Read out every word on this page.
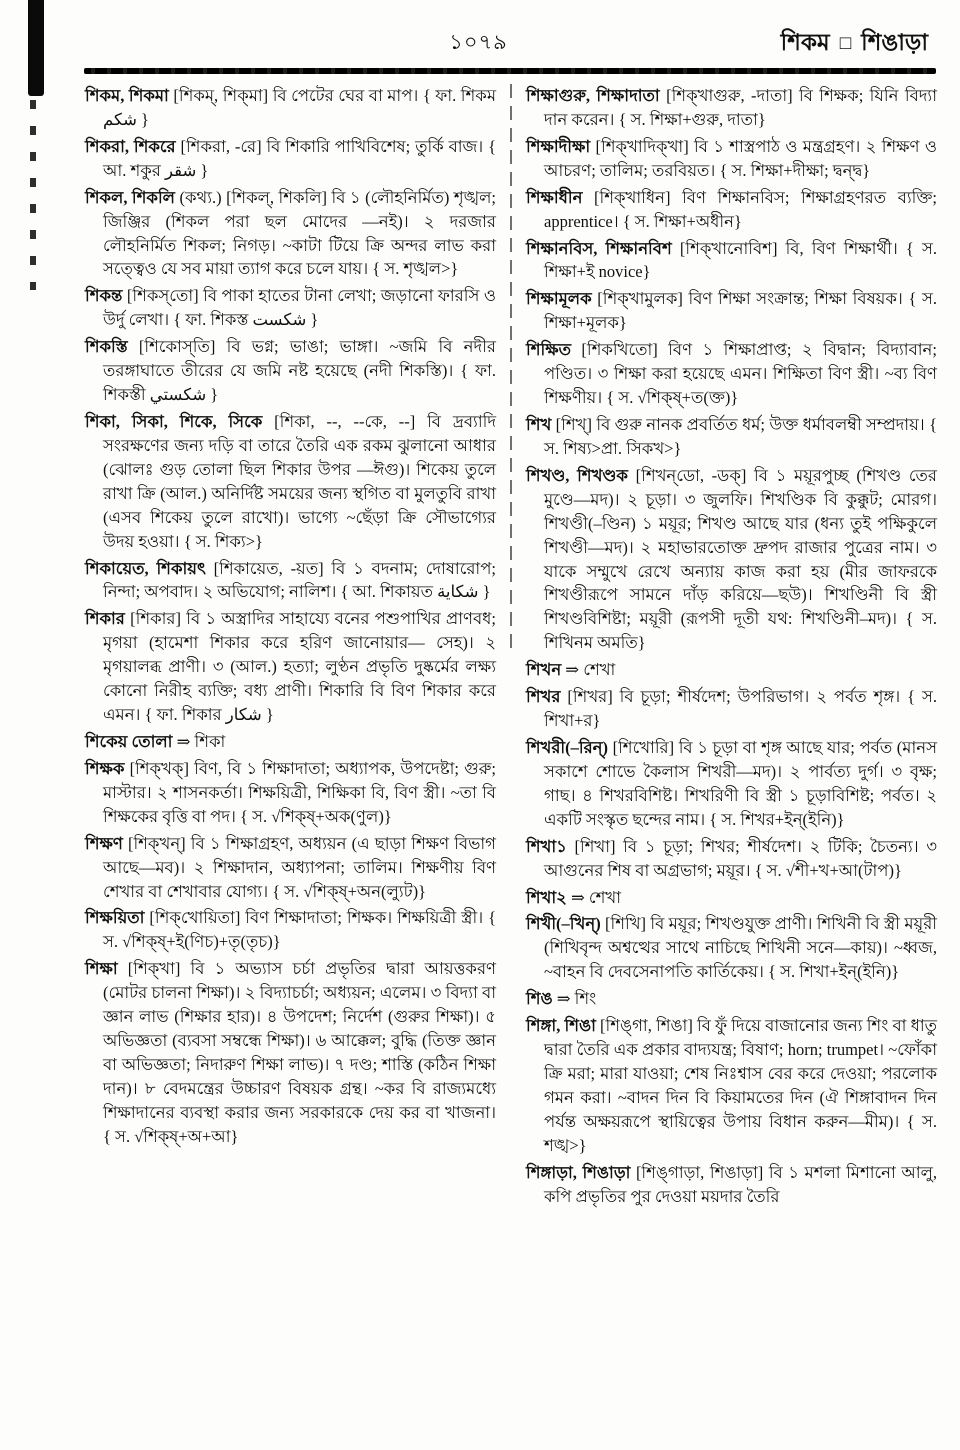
১০৭৯	শিকম □ শিঙাড়া

শিকম, শিকমা [শিকম্, শিক্‌মা] বি পেটের ঘের বা মাপ। { ফা. শিকম شكم }

শিকরা, শিকরে [শিকরা, -রে] বি শিকারি পাখিবিশেষ; তুর্কি বাজ। { আ. শকুর شقر }

শিকল, শিকলি (কথ্য.) [শিকল্, শিকলি] বি ১ (লৌহনির্মিত) শৃঙ্খল; জিঞ্জির (শিকল পরা ছল মোদের —নই)। ২ দরজার লৌহনির্মিত শিকল; নিগড়। ~কাটা টিয়ে ক্রি অন্দর লাভ করা সত্ত্বেও যে সব মায়া ত্যাগ করে চলে যায়। { স. শৃঙ্খল>}

শিকন্ত [শিকস্‌তো] বি পাকা হাতের টানা লেখা; জড়ানো ফারসি ও উর্দু লেখা। { ফা. শিকস্ত شكست }

শিকস্তি [শিকোস্‌তি] বি ভগ্ন; ভাঙা; ভাঙ্গা। ~জমি বি নদীর তরঙ্গাঘাতে তীরের যে জমি নষ্ট হয়েছে (নদী শিকস্তি)। { ফা. শিকস্তী شكستي }

শিকা, সিকা, শিকে, সিকে [শিকা, --, --কে, --] বি দ্রব্যাদি সংরক্ষণের জন্য দড়ি বা তারে তৈরি এক রকম ঝুলানো আধার (ঝোলঃ গুড় তোলা ছিল শিকার উপর —ঈগু)। শিকেয় তুলে রাখা ক্রি (আল.) অনির্দিষ্ট সময়ের জন্য স্থগিত বা মুলতুবি রাখা (এসব শিকেয় তুলে রাখো)। ভাগ্যে ~ছেঁড়া ক্রি সৌভাগ্যের উদয় হওয়া। { স. শিক্য>}

শিকায়েত, শিকায়ৎ [শিকায়েত, -য়ত] বি ১ বদনাম; দোষারোপ; নিন্দা; অপবাদ। ২ অভিযোগ; নালিশ। { আ. শিকায়ত شكاية }

শিকার [শিকার] বি ১ অস্ত্রাদির সাহায্যে বনের পশুপাখির প্রাণবধ; মৃগয়া (হামেশা শিকার করে হরিণ জানোয়ার— সেহ)। ২ মৃগয়ালব্ধ প্রাণী। ৩ (আল.) হত্যা; লুণ্ঠন প্রভৃতি দুষ্কর্মের লক্ষ্য কোনো নিরীহ ব্যক্তি; বধ্য প্রাণী। শিকারি বি বিণ শিকার করে এমন। { ফা. শিকার شكار }

শিকেয় তোলা ⇒ শিকা

শিক্ষক [শিক্‌খক্] বিণ, বি ১ শিক্ষাদাতা; অধ্যাপক, উপদেষ্টা; গুরু; মাস্টার। ২ শাসনকর্তা। শিক্ষয়িত্রী, শিক্ষিকা বি, বিণ স্ত্রী। ~তা বি শিক্ষকের বৃত্তি বা পদ। { স. √শিক্ষ্+অক(ণুল)}

শিক্ষণ [শিক্‌খন্] বি ১ শিক্ষাগ্রহণ, অধ্যয়ন (এ ছাড়া শিক্ষণ বিভাগ আছে—মব)। ২ শিক্ষাদান, অধ্যাপনা; তালিম। শিক্ষণীয় বিণ শেখার বা শেখাবার যোগ্য। { স. √শিক্ষ্+অন(ল্যুট)}

শিক্ষয়িতা [শিক্‌খোয়িতা] বিণ শিক্ষাদাতা; শিক্ষক। শিক্ষয়িত্রী স্ত্রী। { স. √শিক্ষ্+ই(ণিচ)+তৃ(তৃচ)}

শিক্ষা [শিক্‌খা] বি ১ অভ্যাস চর্চা প্রভৃতির দ্বারা আয়ত্তকরণ (মোটর চালনা শিক্ষা)। ২ বিদ্যাচর্চা; অধ্যয়ন; এলেম। ৩ বিদ্যা বা জ্ঞান লাভ (শিক্ষার হার)। ৪ উপদেশ; নির্দেশ (গুরুর শিক্ষা)। ৫ অভিজ্ঞতা (ব্যবসা সম্বন্ধে শিক্ষা)। ৬ আক্কেল; বুদ্ধি (তিক্ত জ্ঞান বা অভিজ্ঞতা; নিদারুণ শিক্ষা লাভ)। ৭ দণ্ড; শাস্তি (কঠিন শিক্ষা দান)। ৮ বেদমন্ত্রের উচ্চারণ বিষয়ক গ্রন্থ। ~কর বি রাজ্যমধ্যে শিক্ষাদানের ব্যবস্থা করার জন্য সরকারকে দেয় কর বা খাজনা। { স. √শিক্ষ্+অ+আ}

শিক্ষাগুরু, শিক্ষাদাতা [শিক্‌খাগুরু, -দাতা] বি শিক্ষক; যিনি বিদ্যা দান করেন। { স. শিক্ষা+গুরু, দাতা}

শিক্ষাদীক্ষা [শিক্‌খাদিক্‌খা] বি ১ শাস্ত্রপাঠ ও মন্ত্রগ্রহণ। ২ শিক্ষণ ও আচরণ; তালিম; তরবিয়ত। { স. শিক্ষা+দীক্ষা; দ্বন্দ্ব}

শিক্ষাধীন [শিক্‌খাধিন] বিণ শিক্ষানবিস; শিক্ষাগ্রহণরত ব্যক্তি; apprentice। { স. শিক্ষা+অধীন}

শিক্ষানবিস, শিক্ষানবিশ [শিক্‌খানোবিশ] বি, বিণ শিক্ষার্থী। { স. শিক্ষা+ই novice}

শিক্ষামূলক [শিক্‌খামুলক] বিণ শিক্ষা সংক্রান্ত; শিক্ষা বিষয়ক। { স. শিক্ষা+মূলক}

শিক্ষিত [শিকখিতো] বিণ ১ শিক্ষাপ্রাপ্ত; ২ বিদ্বান; বিদ্যাবান; পণ্ডিত। ৩ শিক্ষা করা হয়েছে এমন। শিক্ষিতা বিণ স্ত্রী। ~ব্য বিণ শিক্ষণীয়। { স. √শিক্ষ্+ত(ক্ত)}

শিখ [শিখ্] বি গুরু নানক প্রবর্তিত ধর্ম; উক্ত ধর্মাবলম্বী সম্প্রদায়। { স. শিষ্য>প্রা. সিকখ>}

শিখণ্ড, শিখণ্ডক [শিখন্‌ডো, -ডক্] বি ১ ময়ূরপুচ্ছ (শিখণ্ড তের মুণ্ডে—মদ)। ২ চূড়া। ৩ জুলফি। শিখণ্ডিক বি কুক্কুট; মোরগ। শিখণ্ডী(–ণ্ডিন) ১ ময়ূর; শিখণ্ড আছে যার (ধন্য তুই পক্ষিকুলে শিখণ্ডী—মদ)। ২ মহাভারতোক্ত দ্রুপদ রাজার পুত্রের নাম। ৩ যাকে সম্মুখে রেখে অন্যায় কাজ করা হয় (মীর জাফরকে শিখণ্ডীরূপে সামনে দাঁড় করিয়ে—ছউ)। শিখণ্ডিনী বি স্ত্রী শিখণ্ডবিশিষ্টা; ময়ূরী (রূপসী দূতী যথ: শিখণ্ডিনী–মদ)। { স. শিখিনম অমতি}

শিখন ⇒ শেখা

শিখর [শিখর] বি চূড়া; শীর্ষদেশ; উপরিভাগ। ২ পর্বত শৃঙ্গ। { স. শিখা+র}

শিখরী(–রিন্) [শিখোরি] বি ১ চূড়া বা শৃঙ্গ আছে যার; পর্বত (মানস সকাশে শোভে কৈলাস শিখরী—মদ)। ২ পার্বত্য দুর্গ। ৩ বৃক্ষ; গাছ। ৪ শিখরবিশিষ্ট। শিখরিণী বি স্ত্রী ১ চূড়াবিশিষ্ট; পর্বত। ২ একটি সংস্কৃত ছন্দের নাম। { স. শিখর+ইন্(ইনি)}

শিখা১ [শিখা] বি ১ চূড়া; শিখর; শীর্ষদেশ। ২ টিকি; চৈতন্য। ৩ আগুনের শিষ বা অগ্রভাগ; ময়ূর। { স. √শী+খ+আ(টাপ)}

শিখা২ ⇒ শেখা

শিখী(–খিন্) [শিখি] বি ময়ূর; শিখণ্ডযুক্ত প্রাণী। শিখিনী বি স্ত্রী ময়ূরী (শিখিবৃন্দ অশ্বত্থের সাথে নাচিছে শিখিনী সনে—কায়)। ~ধ্বজ, ~বাহন বি দেবসেনাপতি কার্তিকেয়। { স. শিখা+ইন্(ইনি)}

শিঙ ⇒ শিং

শিঙ্গা, শিঙা [শিঙ্‌গা, শিঙা] বি ফুঁ দিয়ে বাজানোর জন্য শিং বা ধাতু দ্বারা তৈরি এক প্রকার বাদ্যযন্ত্র; বিষাণ; horn; trumpet। ~ফোঁকা ক্রি মরা; মারা যাওয়া; শেষ নিঃশ্বাস বের করে দেওয়া; পরলোক গমন করা। ~বাদন দিন বি কিয়ামতের দিন (ঐ শিঙ্গাবাদন দিন পর্যন্ত অক্ষয়রূপে স্থায়িত্বের উপায় বিধান করুন—মীম)। { স. শঙ্খ>}

শিঙ্গাড়া, শিঙাড়া [শিঙ্‌গাড়া, শিঙাড়া] বি ১ মশলা মিশানো আলু, কপি প্রভৃতির পুর দেওয়া ময়দার তৈরি
